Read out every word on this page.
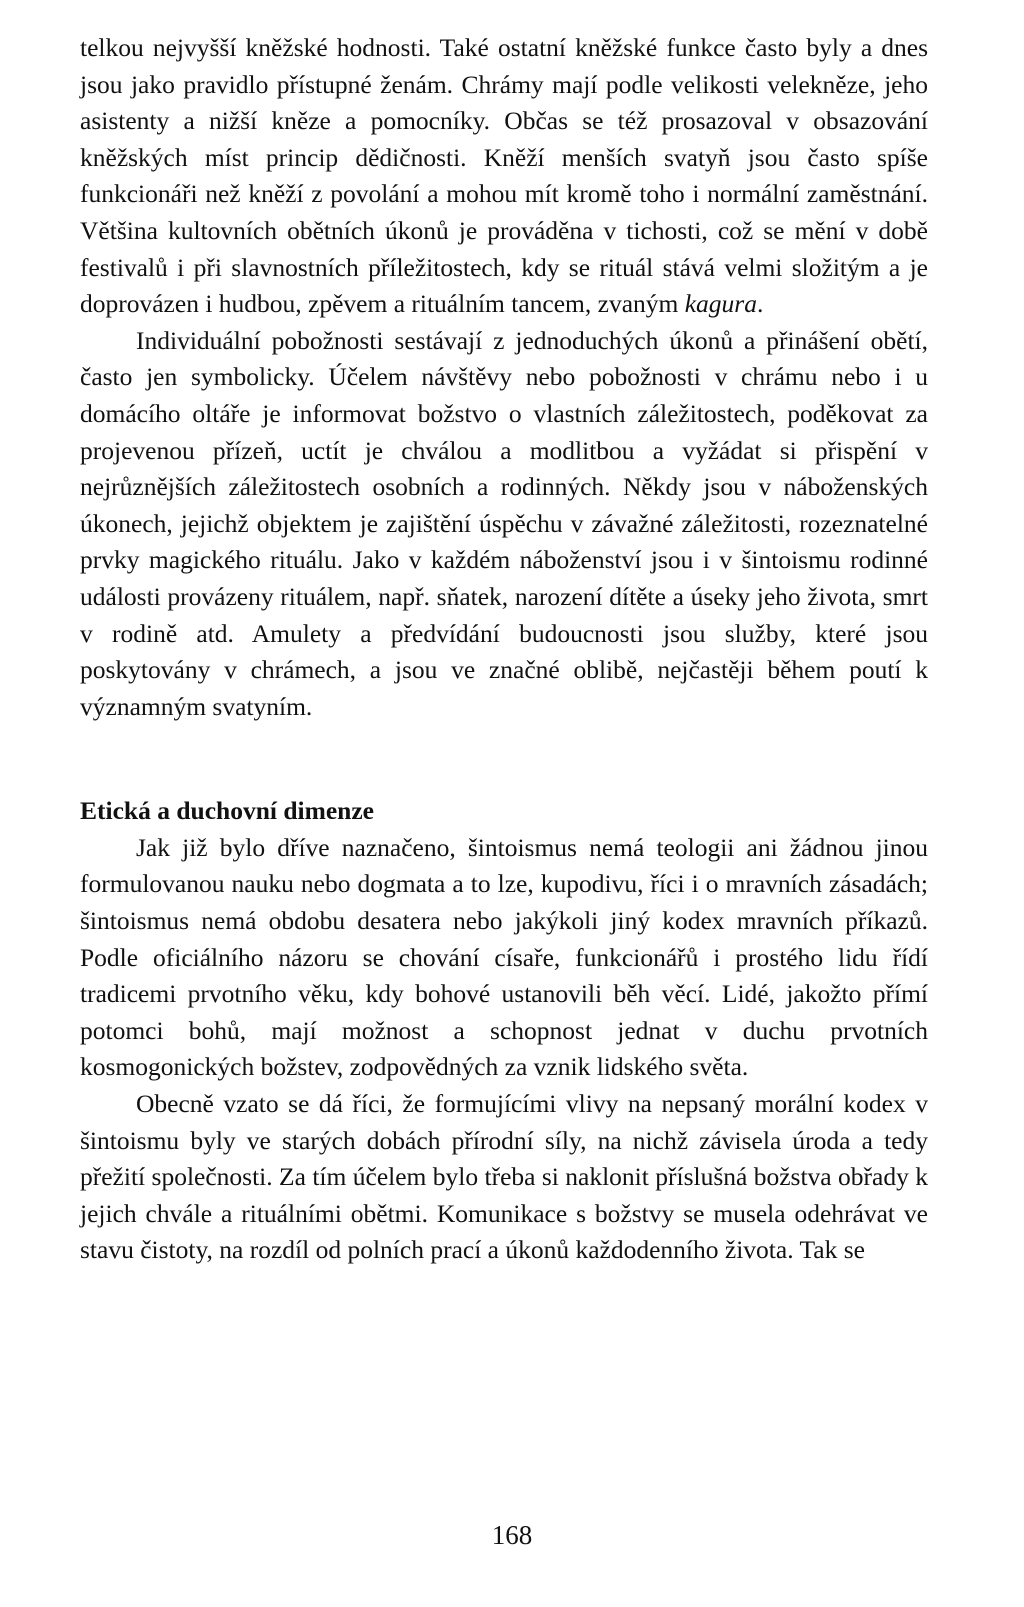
telkou nejvyšší kněžské hodnosti. Také ostatní kněžské funkce často byly a dnes jsou jako pravidlo přístupné ženám. Chrámy mají podle velikosti velekněze, jeho asistenty a nižší kněze a pomocníky. Občas se též prosazoval v obsazování kněžských míst princip dědičnosti. Kněží menších svatyň jsou často spíše funkcionáři než kněží z povolání a mohou mít kromě toho i normální zaměstnání. Většina kultovních obětních úkonů je prováděna v tichosti, což se mění v době festivalů i při slavnostních příležitostech, kdy se rituál stává velmi složitým a je doprovázen i hudbou, zpěvem a rituálním tancem, zvaným kagura.

Individuální pobožnosti sestávají z jednoduchých úkonů a přinášení obětí, často jen symbolicky. Účelem návštěvy nebo pobožnosti v chrámu nebo i u domácího oltáře je informovat božstvo o vlastních záležitostech, poděkovat za projevenou přízeň, uctít je chválou a modlitbou a vyžádat si přispění v nejrůznějších záležitostech osobních a rodinných. Někdy jsou v náboženských úkonech, jejichž objektem je zajištění úspěchu v závažné záležitosti, rozeznatelné prvky magického rituálu. Jako v každém náboženství jsou i v šintoismu rodinné události provázeny rituálem, např. sňatek, narození dítěte a úseky jeho života, smrt v rodině atd. Amulety a předvídání budoucnosti jsou služby, které jsou poskytovány v chrámech, a jsou ve značné oblibě, nejčastěji během poutí k významným svatyním.

Etická a duchovní dimenze

Jak již bylo dříve naznačeno, šintoismus nemá teologii ani žádnou jinou formulovanou nauku nebo dogmata a to lze, kupodivu, říci i o mravních zásadách; šintoismus nemá obdobu desatera nebo jakýkoli jiný kodex mravních příkazů. Podle oficiálního názoru se chování císaře, funkcionářů i prostého lidu řídí tradicemi prvotního věku, kdy bohové ustanovili běh věcí. Lidé, jakožto přímí potomci bohů, mají možnost a schopnost jednat v duchu prvotních kosmogonických božstev, zodpovědných za vznik lidského světa.

Obecně vzato se dá říci, že formujícími vlivy na nepsaný morální kodex v šintoismu byly ve starých dobách přírodní síly, na nichž závisela úroda a tedy přežití společnosti. Za tím účelem bylo třeba si naklonit příslušná božstva obřady k jejich chvále a rituálními obětmi. Komunikace s božstvy se musela odehrávat ve stavu čistoty, na rozdíl od polních prací a úkonů každodenního života. Tak se

168
